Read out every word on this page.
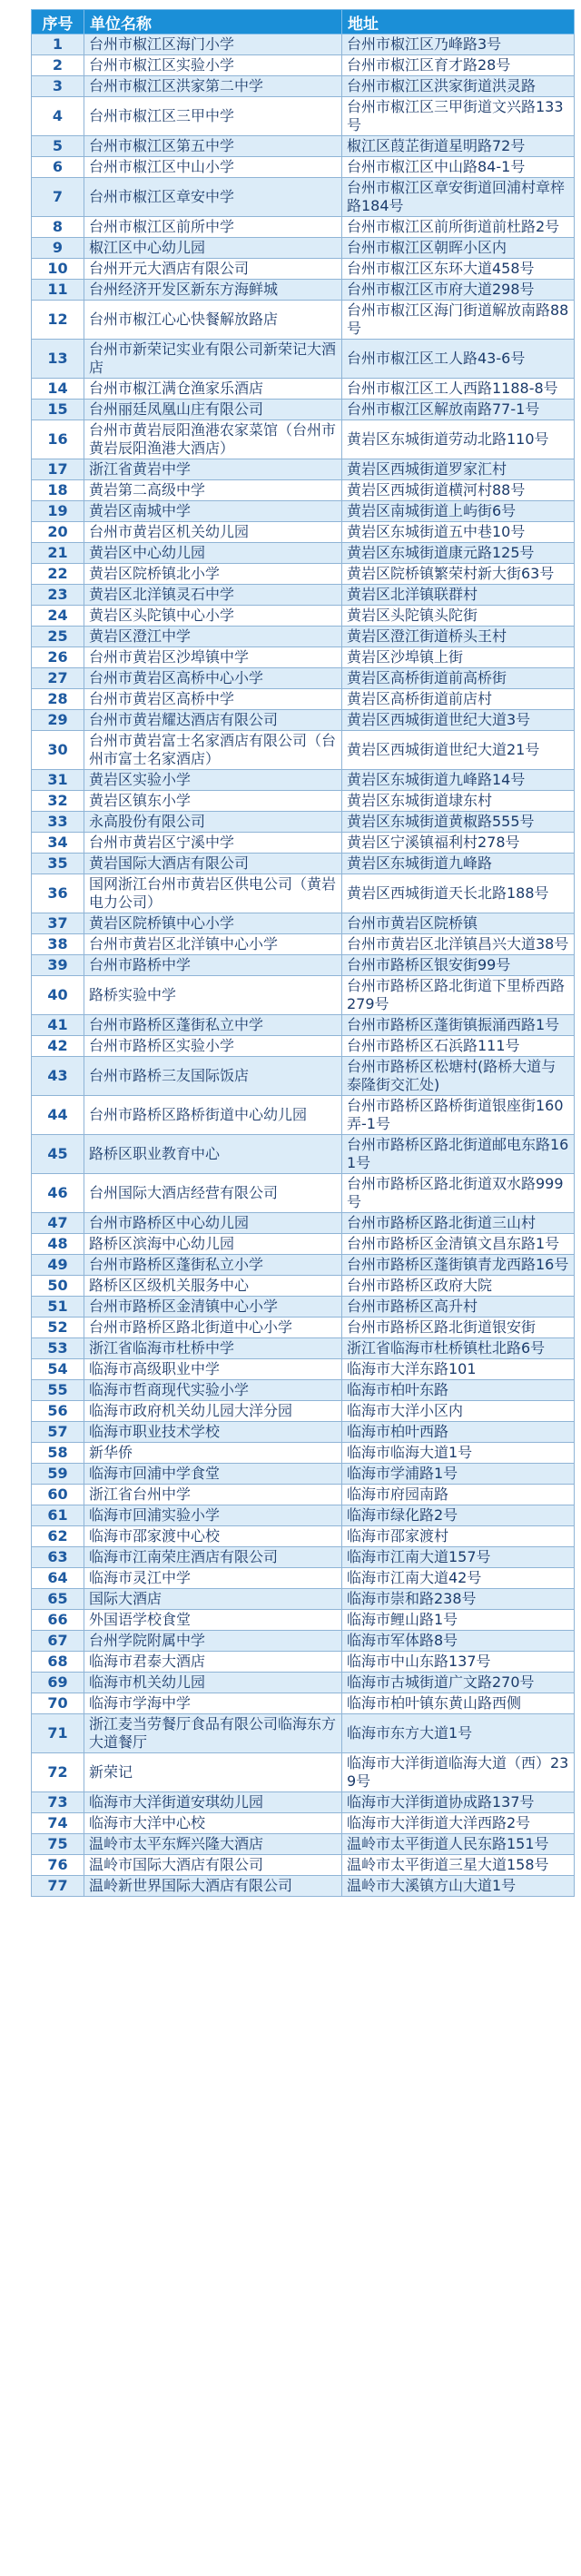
序号	单位名称	地址
1	台州市椒江区海门小学	台州市椒江区乃峰路3号
2	台州市椒江区实验小学	台州市椒江区育才路28号
3	台州市椒江区洪家第二中学	台州市椒江区洪家街道洪灵路
4	台州市椒江区三甲中学	台州市椒江区三甲街道文兴路133号
5	台州市椒江区第五中学	椒江区葭芷街道星明路72号
6	台州市椒江区中山小学	台州市椒江区中山路84-1号
7	台州市椒江区章安中学	台州市椒江区章安街道回浦村章梓路184号
8	台州市椒江区前所中学	台州市椒江区前所街道前杜路2号
9	椒江区中心幼儿园	台州市椒江区朝晖小区内
10	台州开元大酒店有限公司	台州市椒江区东环大道458号
11	台州经济开发区新东方海鲜城	台州市椒江区市府大道298号
12	台州市椒江心心快餐解放路店	台州市椒江区海门街道解放南路88号
13	台州市新荣记实业有限公司新荣记大酒店	台州市椒江区工人路43-6号
14	台州市椒江满仓渔家乐酒店	台州市椒江区工人西路1188-8号
15	台州丽廷凤凰山庄有限公司	台州市椒江区解放南路77-1号
16	台州市黄岩辰阳渔港农家菜馆（台州市黄岩辰阳渔港大酒店）	黄岩区东城街道劳动北路110号
17	浙江省黄岩中学	黄岩区西城街道罗家汇村
18	黄岩第二高级中学	黄岩区西城街道横河村88号
19	黄岩区南城中学	黄岩区南城街道上屿街6号
20	台州市黄岩区机关幼儿园	黄岩区东城街道五中巷10号
21	黄岩区中心幼儿园	黄岩区东城街道康元路125号
22	黄岩区院桥镇北小学	黄岩区院桥镇繁荣村新大街63号
23	黄岩区北洋镇灵石中学	黄岩区北洋镇联群村
24	黄岩区头陀镇中心小学	黄岩区头陀镇头陀街
25	黄岩区澄江中学	黄岩区澄江街道桥头王村
26	台州市黄岩区沙埠镇中学	黄岩区沙埠镇上街
27	台州市黄岩区高桥中心小学	黄岩区高桥街道前高桥街
28	台州市黄岩区高桥中学	黄岩区高桥街道前店村
29	台州市黄岩耀达酒店有限公司	黄岩区西城街道世纪大道3号
30	台州市黄岩富士名家酒店有限公司（台州市富士名家酒店）	黄岩区西城街道世纪大道21号
31	黄岩区实验小学	黄岩区东城街道九峰路14号
32	黄岩区镇东小学	黄岩区东城街道埭东村
33	永高股份有限公司	黄岩区东城街道黄椒路555号
34	台州市黄岩区宁溪中学	黄岩区宁溪镇福利村278号
35	黄岩国际大酒店有限公司	黄岩区东城街道九峰路
36	国网浙江台州市黄岩区供电公司（黄岩电力公司）	黄岩区西城街道天长北路188号
37	黄岩区院桥镇中心小学	台州市黄岩区院桥镇
38	台州市黄岩区北洋镇中心小学	台州市黄岩区北洋镇昌兴大道38号
39	台州市路桥中学	台州市路桥区银安街99号
40	路桥实验中学	台州市路桥区路北街道下里桥西路279号
41	台州市路桥区蓬街私立中学	台州市路桥区蓬街镇振涌西路1号
42	台州市路桥区实验小学	台州市路桥区石浜路111号
43	台州市路桥三友国际饭店	台州市路桥区松塘村(路桥大道与泰隆街交汇处)
44	台州市路桥区路桥街道中心幼儿园	台州市路桥区路桥街道银座街160弄-1号
45	路桥区职业教育中心	台州市路桥区路北街道邮电东路161号
46	台州国际大酒店经营有限公司	台州市路桥区路北街道双水路999号
47	台州市路桥区中心幼儿园	台州市路桥区路北街道三山村
48	路桥区滨海中心幼儿园	台州市路桥区金清镇文昌东路1号
49	台州市路桥区蓬街私立小学	台州市路桥区蓬街镇青龙西路16号
50	路桥区区级机关服务中心	台州市路桥区政府大院
51	台州市路桥区金清镇中心小学	台州市路桥区高升村
52	台州市路桥区路北街道中心小学	台州市路桥区路北街道银安街
53	浙江省临海市杜桥中学	浙江省临海市杜桥镇杜北路6号
54	临海市高级职业中学	临海市大洋东路101
55	临海市哲商现代实验小学	临海市柏叶东路
56	临海市政府机关幼儿园大洋分园	临海市大洋小区内
57	临海市职业技术学校	临海市柏叶西路
58	新华侨	临海市临海大道1号
59	临海市回浦中学食堂	临海市学浦路1号
60	浙江省台州中学	临海市府园南路
61	临海市回浦实验小学	临海市绿化路2号
62	临海市邵家渡中心校	临海市邵家渡村
63	临海市江南荣庄酒店有限公司	临海市江南大道157号
64	临海市灵江中学	临海市江南大道42号
65	国际大酒店	临海市崇和路238号
66	外国语学校食堂	临海市鲤山路1号
67	台州学院附属中学	临海市军体路8号
68	临海市君泰大酒店	临海市中山东路137号
69	临海市机关幼儿园	临海市古城街道广文路270号
70	临海市学海中学	临海市柏叶镇东黄山路西侧
71	浙江麦当劳餐厅食品有限公司临海东方大道餐厅	临海市东方大道1号
72	新荣记	临海市大洋街道临海大道（西）239号
73	临海市大洋街道安琪幼儿园	临海市大洋街道协成路137号
74	临海市大洋中心校	临海市大洋街道大洋西路2号
75	温岭市太平东辉兴隆大酒店	温岭市太平街道人民东路151号
76	温岭市国际大酒店有限公司	温岭市太平街道三星大道158号
77	温岭新世界国际大酒店有限公司	温岭市大溪镇方山大道1号
